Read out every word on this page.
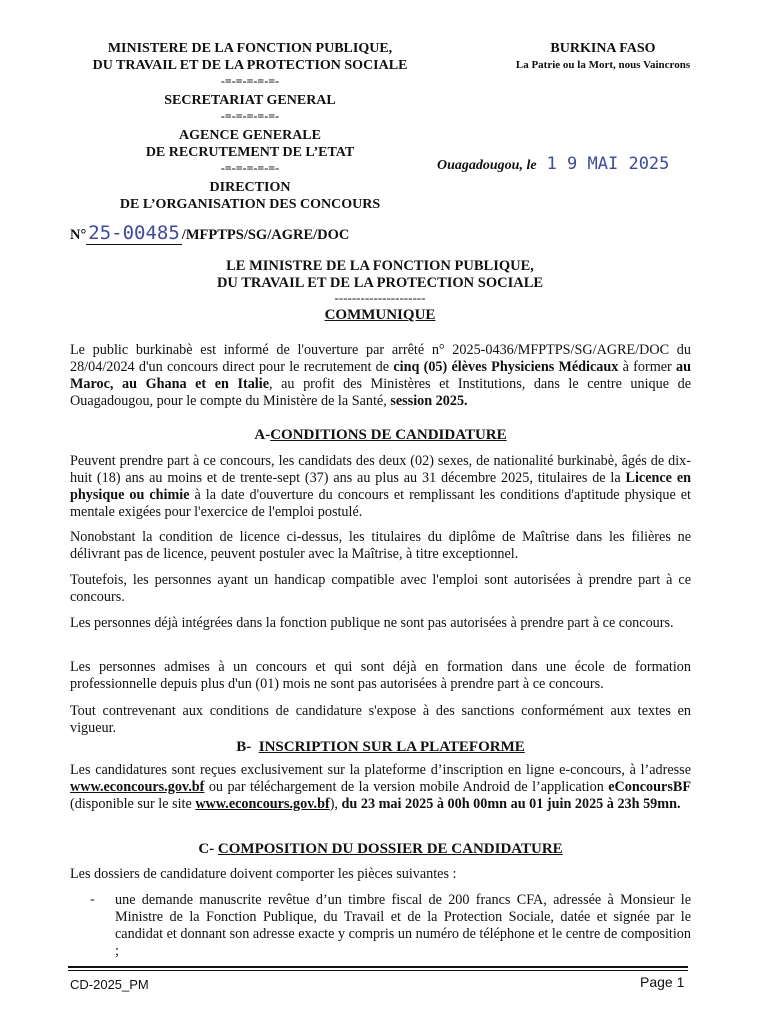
MINISTERE DE LA FONCTION PUBLIQUE,
DU TRAVAIL ET DE LA PROTECTION SOCIALE
-=-=-=-=-=-
SECRETARIAT GENERAL
-=-=-=-=-=-
AGENCE GENERALE
DE RECRUTEMENT DE L’ETAT
-=-=-=-=-=-
DIRECTION
DE L’ORGANISATION DES CONCOURS
BURKINA FASO
La Patrie ou la Mort, nous Vaincrons
Ouagadougou, le 1 9 MAI 2025
N° 25-00485 /MFPTPS/SG/AGRE/DOC
LE MINISTRE DE LA FONCTION PUBLIQUE,
DU TRAVAIL ET DE LA PROTECTION SOCIALE
---------------------
COMMUNIQUE
Le public burkinabè est informé de l'ouverture par arrêté n° 2025-0436/MFPTPS/SG/AGRE/DOC du 28/04/2024 d'un concours direct pour le recrutement de cinq (05) élèves Physiciens Médicaux à former au Maroc, au Ghana et en Italie, au profit des Ministères et Institutions, dans le centre unique de Ouagadougou, pour le compte du Ministère de la Santé, session 2025.
A-CONDITIONS DE CANDIDATURE
Peuvent prendre part à ce concours, les candidats des deux (02) sexes, de nationalité burkinabè, âgés de dix-huit (18) ans au moins et de trente-sept (37) ans au plus au 31 décembre 2025, titulaires de la Licence en physique ou chimie à la date d'ouverture du concours et remplissant les conditions d'aptitude physique et mentale exigées pour l'exercice de l'emploi postulé.
Nonobstant la condition de licence ci-dessus, les titulaires du diplôme de Maîtrise dans les filières ne délivrant pas de licence, peuvent postuler avec la Maîtrise, à titre exceptionnel.
Toutefois, les personnes ayant un handicap compatible avec l'emploi sont autorisées à prendre part à ce concours.
Les personnes déjà intégrées dans la fonction publique ne sont pas autorisées à prendre part à ce concours.
Les personnes admises à un concours et qui sont déjà en formation dans une école de formation professionnelle depuis plus d'un (01) mois ne sont pas autorisées à prendre part à ce concours.
Tout contrevenant aux conditions de candidature s'expose à des sanctions conformément aux textes en vigueur.
B-  INSCRIPTION SUR LA PLATEFORME
Les candidatures sont reçues exclusivement sur la plateforme d’inscription en ligne e-concours, à l’adresse www.econcours.gov.bf ou par téléchargement de la version mobile Android de l’application eConcoursBF (disponible sur le site www.econcours.gov.bf), du 23 mai 2025 à 00h 00mn au 01 juin 2025 à 23h 59mn.
C- COMPOSITION DU DOSSIER DE CANDIDATURE
Les dossiers de candidature doivent comporter les pièces suivantes :
- une demande manuscrite revêtue d’un timbre fiscal de 200 francs CFA, adressée à Monsieur le Ministre de la Fonction Publique, du Travail et de la Protection Sociale, datée et signée par le candidat et donnant son adresse exacte y compris un numéro de téléphone et le centre de composition ;
CD-2025_PM	Page 1
